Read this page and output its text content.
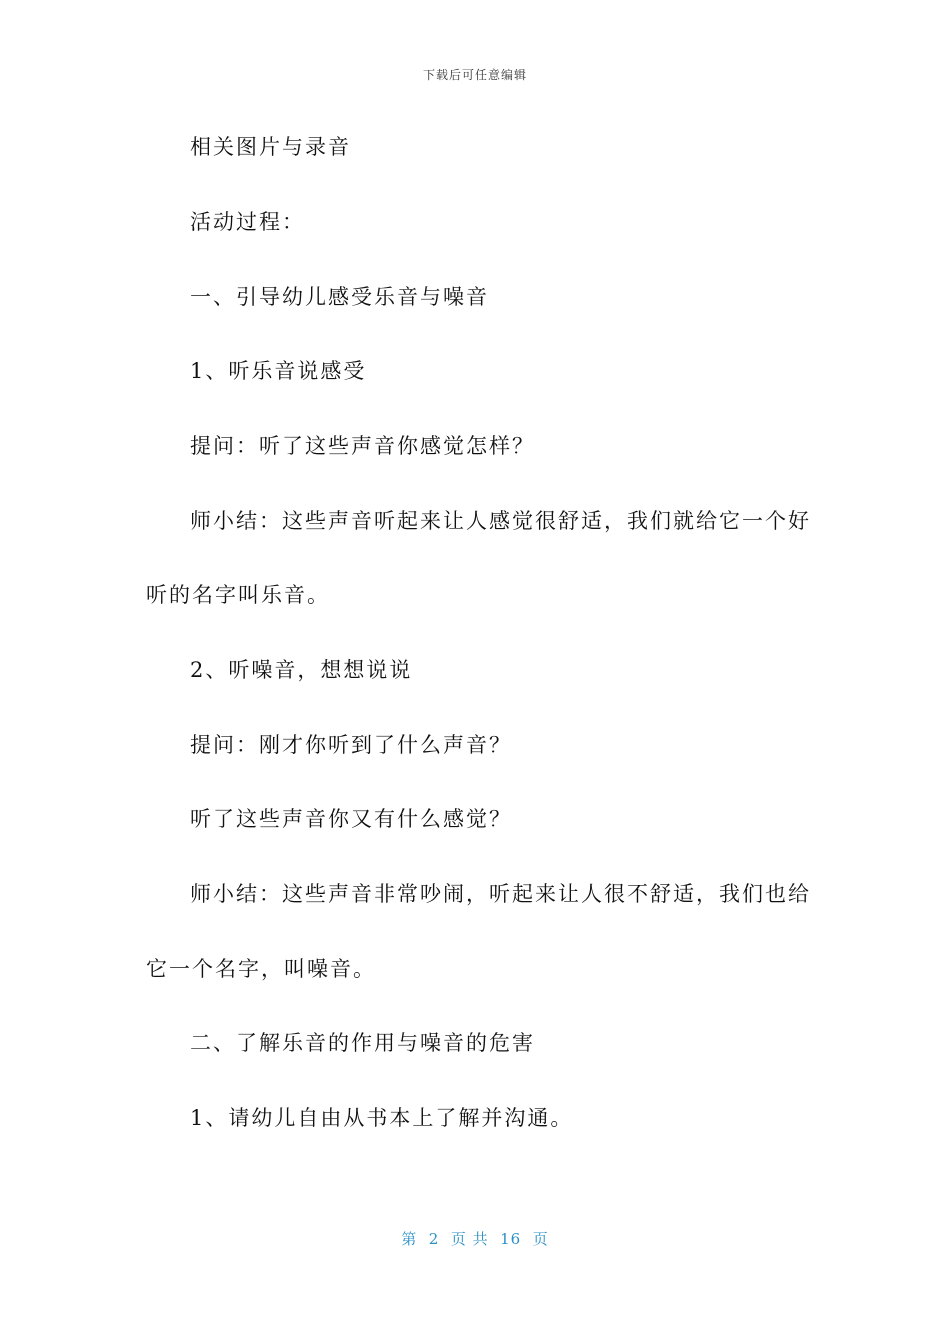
下载后可任意编辑
相关图片与录音
活动过程：
一、引导幼儿感受乐音与噪音
1、听乐音说感受
提问：听了这些声音你感觉怎样？
师小结：这些声音听起来让人感觉很舒适，我们就给它一个好
听的名字叫乐音。
2、听噪音，想想说说
提问：刚才你听到了什么声音？
听了这些声音你又有什么感觉？
师小结：这些声音非常吵闹，听起来让人很不舒适，我们也给
它一个名字，叫噪音。
二、了解乐音的作用与噪音的危害
1、请幼儿自由从书本上了解并沟通。
第  2  页 共  16  页
